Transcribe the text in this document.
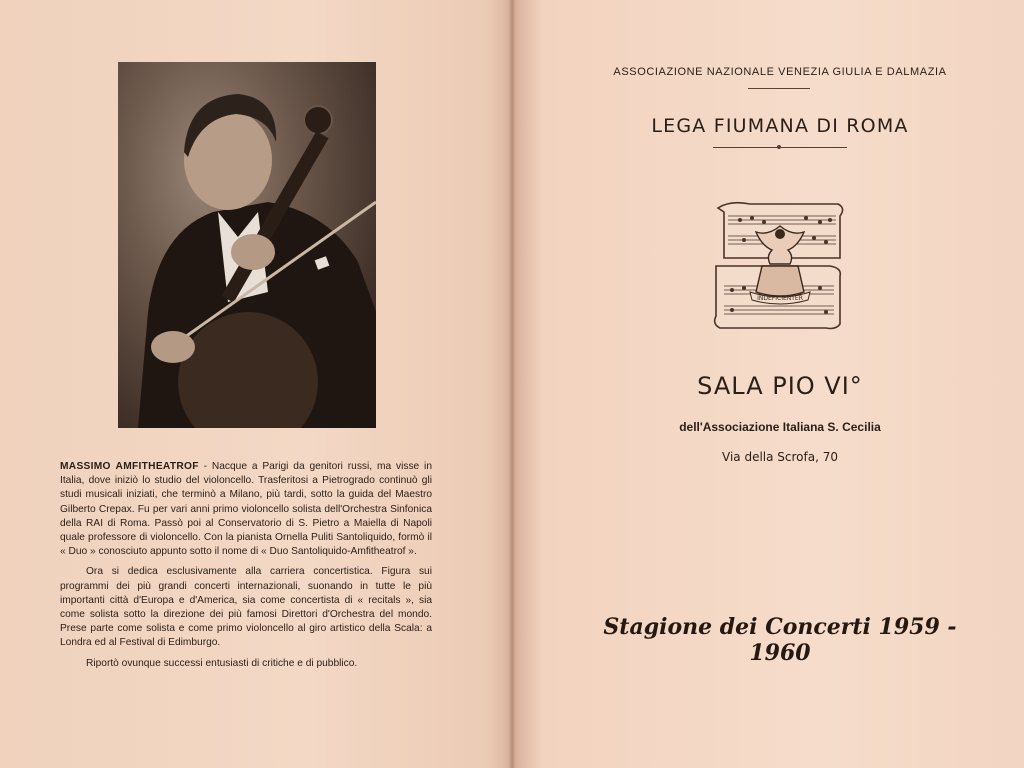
MASSIMO AMFITHEATROF - Nacque a Parigi da genitori russi, ma visse in Italia, dove iniziò lo studio del violoncello. Trasferitosi a Pietrogrado continuò gli studi musicali iniziati, che terminò a Milano, più tardi, sotto la guida del Maestro Gilberto Crepax. Fu per vari anni primo violoncello solista dell'Orchestra Sinfonica della RAI di Roma. Passò poi al Conservatorio di S. Pietro a Maiella di Napoli quale professore di violoncello. Con la pianista Ornella Puliti Santoliquido, formò il « Duo » conosciuto appunto sotto il nome di « Duo Santoliquido-Amfitheatrof ».

Ora si dedica esclusivamente alla carriera concertistica. Figura sui programmi dei più grandi concerti internazionali, suonando in tutte le più importanti città d'Europa e d'America, sia come concertista di « recitals », sia come solista sotto la direzione dei più famosi Direttori d'Orchestra del mondo. Prese parte come solista e come primo violoncello al giro artistico della Scala: a Londra ed al Festival di Edimburgo.

Riportò ovunque successi entusiasti di critiche e di pubblico.

ASSOCIAZIONE NAZIONALE VENEZIA GIULIA E DALMAZIA
LEGA FIUMANA DI ROMA
INDEFICIENTER
SALA PIO VI°
dell'Associazione Italiana S. Cecilia
Via della Scrofa, 70
Stagione dei Concerti 1959 - 1960
